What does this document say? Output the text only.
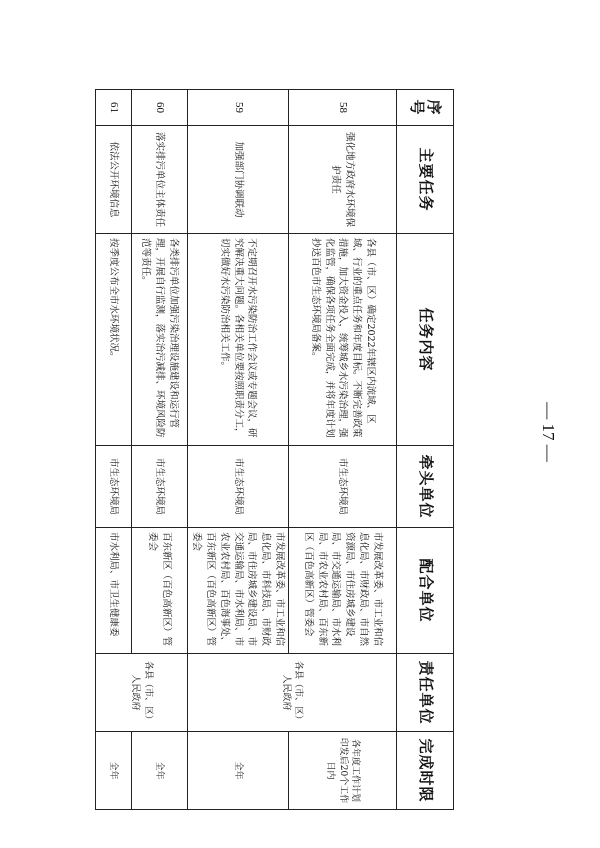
序号	主要任务	任务内容	牵头单位	配合单位	责任单位	完成时限
58	强化地方政府水环境保护责任	各县（市、区）确定2022年辖区内流域、区域、行业的重点任务和年度目标。不断完善政策措施，加大资金投入，统筹城乡水污染治理，强化监管，确保各项任务全面完成，并将年度计划抄送百色市生态环境局备案。	市生态环境局	市发展改革委、市工业和信息化局、市财政局、市自然资源局、市住房城乡建设局、市交通运输局、市水利局、市农业农村局、百东新区（百色高新区）管委会	各县（市、区）人民政府	各年度工作计划印发后20个工作日内
59	加强部门协调联动	不定期召开水污染防治工作会议或专题会议，研究解决重大问题。各相关单位要按照职责分工，切实做好水污染防治相关工作。	市生态环境局	市发展改革委、市工业和信息化局、市科技局、市财政局、市住房城乡建设局、市交通运输局、市水利局、市农业农村局、百色海事处、百东新区（百色高新区）管委会		全年
60	落实排污单位主体责任	各类排污单位加强污染治理设施建设和运行管理，开展自行监测，落实治污减排、环境风险防范等责任。	市生态环境局	百东新区（百色高新区）管委会	各县（市、区）人民政府	全年
61	依法公开环境信息	按季度公布全市水环境状况。	市生态环境局	市水利局、市卫生健康委		全年
— 17 —
